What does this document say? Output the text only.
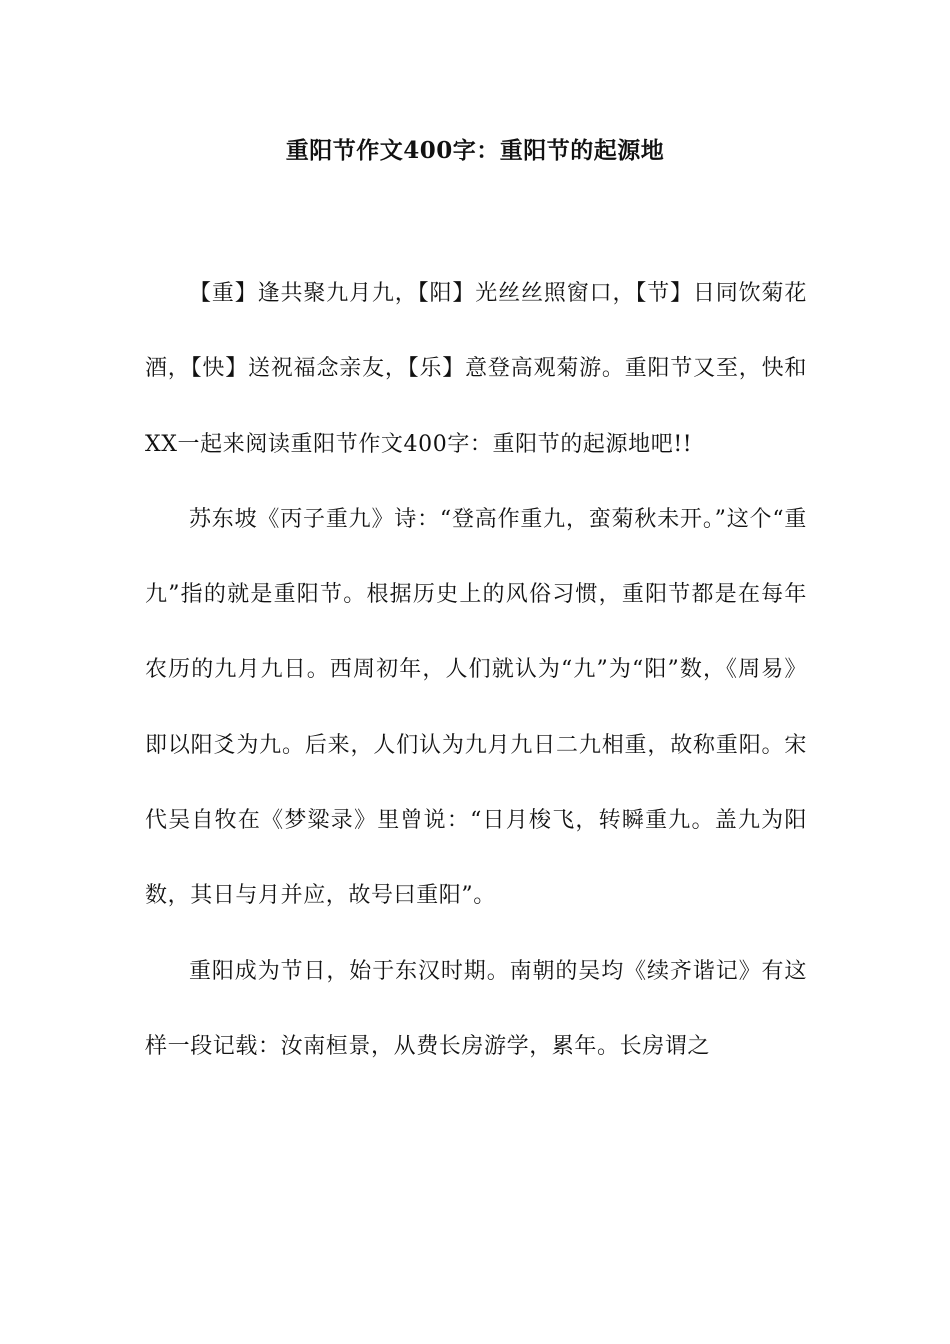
重阳节作文400字：重阳节的起源地

【重】逢共聚九月九，【阳】光丝丝照窗口，【节】日同饮菊花酒，【快】送祝福念亲友，【乐】意登高观菊游。重阳节又至，快和XX一起来阅读重阳节作文400字：重阳节的起源地吧!!

苏东坡《丙子重九》诗：“登高作重九，蛮菊秋未开。”这个“重九”指的就是重阳节。根据历史上的风俗习惯，重阳节都是在每年农历的九月九日。西周初年，人们就认为“九”为“阳”数，《周易》即以阳爻为九。后来，人们认为九月九日二九相重，故称重阳。宋代吴自牧在《梦粱录》里曾说：“日月梭飞，转瞬重九。盖九为阳数，其日与月并应，故号曰重阳”。

重阳成为节日，始于东汉时期。南朝的吴均《续齐谐记》有这样一段记载：汝南桓景，从费长房游学，累年。长房谓之
